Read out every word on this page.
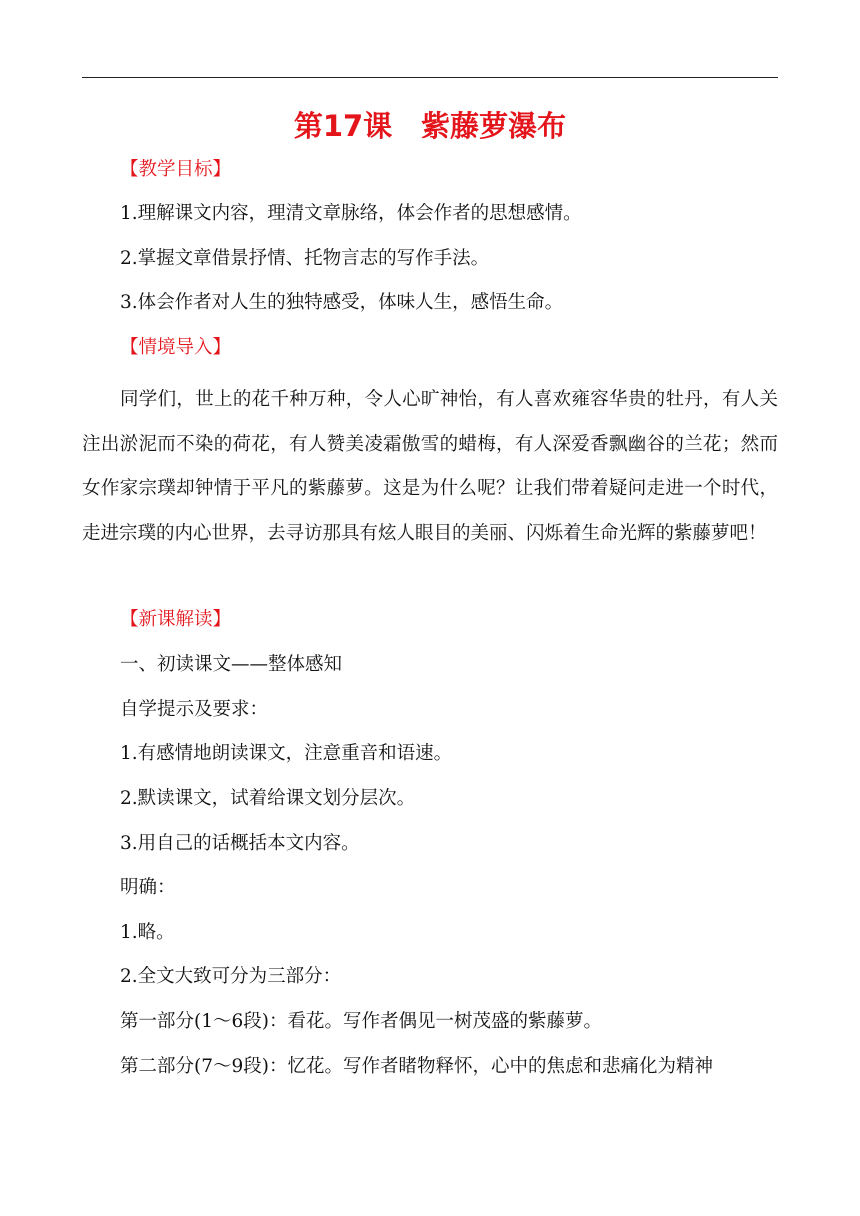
第17课　紫藤萝瀑布
【教学目标】
1.理解课文内容，理清文章脉络，体会作者的思想感情。
2.掌握文章借景抒情、托物言志的写作手法。
3.体会作者对人生的独特感受，体味人生，感悟生命。
【情境导入】

同学们，世上的花千种万种，令人心旷神怡，有人喜欢雍容华贵的牡丹，有人关注出淤泥而不染的荷花，有人赞美凌霜傲雪的蜡梅，有人深爱香飘幽谷的兰花；然而女作家宗璞却钟情于平凡的紫藤萝。这是为什么呢？让我们带着疑问走进一个时代，走进宗璞的内心世界，去寻访那具有炫人眼目的美丽、闪烁着生命光辉的紫藤萝吧！

【新课解读】
一、初读课文——整体感知
自学提示及要求：
1.有感情地朗读课文，注意重音和语速。
2.默读课文，试着给课文划分层次。
3.用自己的话概括本文内容。
明确：
1.略。
2.全文大致可分为三部分：
第一部分(1～6段)：看花。写作者偶见一树茂盛的紫藤萝。
第二部分(7～9段)：忆花。写作者睹物释怀，心中的焦虑和悲痛化为精神
